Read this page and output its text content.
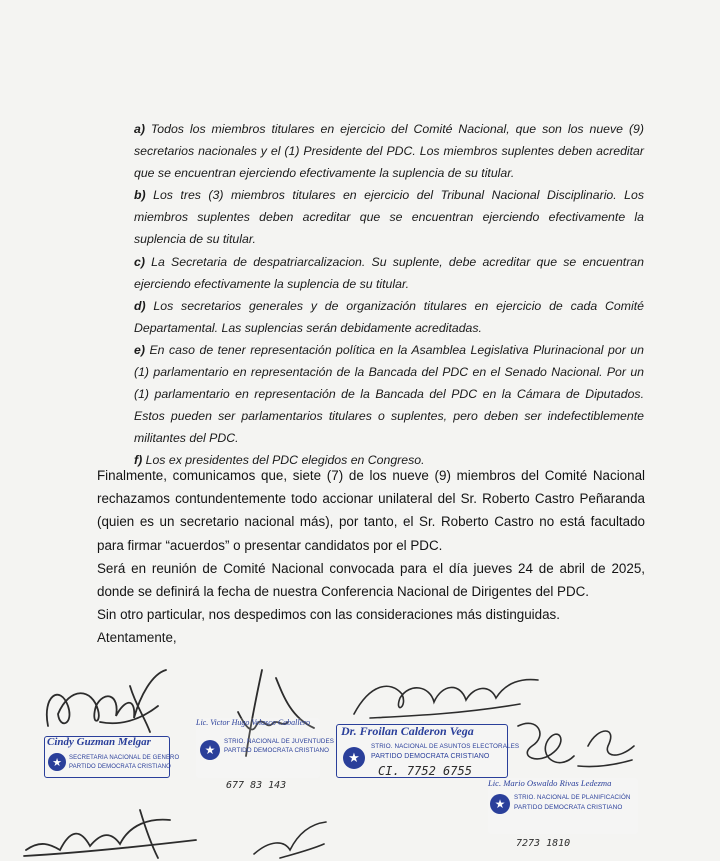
a) Todos los miembros titulares en ejercicio del Comité Nacional, que son los nueve (9) secretarios nacionales y el (1) Presidente del PDC. Los miembros suplentes deben acreditar que se encuentran ejerciendo efectivamente la suplencia de su titular.
b) Los tres (3) miembros titulares en ejercicio del Tribunal Nacional Disciplinario. Los miembros suplentes deben acreditar que se encuentran ejerciendo efectivamente la suplencia de su titular.
c) La Secretaria de despatriarcalizacion. Su suplente, debe acreditar que se encuentran ejerciendo efectivamente la suplencia de su titular.
d) Los secretarios generales y de organización titulares en ejercicio de cada Comité Departamental. Las suplencias serán debidamente acreditadas.
e) En caso de tener representación política en la Asamblea Legislativa Plurinacional por un (1) parlamentario en representación de la Bancada del PDC en el Senado Nacional. Por un (1) parlamentario en representación de la Bancada del PDC en la Cámara de Diputados. Estos pueden ser parlamentarios titulares o suplentes, pero deben ser indefectiblemente militantes del PDC.
f) Los ex presidentes del PDC elegidos en Congreso.
Finalmente, comunicamos que, siete (7) de los nueve (9) miembros del Comité Nacional rechazamos contundentemente todo accionar unilateral del Sr. Roberto Castro Peñaranda (quien es un secretario nacional más), por tanto, el Sr. Roberto Castro no está facultado para firmar “acuerdos” o presentar candidatos por el PDC.
Será en reunión de Comité Nacional convocada para el día jueves 24 de abril de 2025, donde se definirá la fecha de nuestra Conferencia Nacional de Dirigentes del PDC.
Sin otro particular, nos despedimos con las consideraciones más distinguidas.
Atentamente,
Cindy Guzman Melgar
★	SECRETARIA NACIONAL DE GENERO
PARTIDO DEMOCRATA CRISTIANO
Lic. Victor Hugo Velasco Caballero
★
STRIO. NACIONAL DE JUVENTUDES
PARTIDO DEMOCRATA CRISTIANO
677 83 143
Dr. Froilan Calderon Vega
★
STRIO. NACIONAL DE ASUNTOS ELECTORALES
PARTIDO DEMOCRATA CRISTIANO
CI. 7752 6755
Lic. Mario Oswaldo Rivas Ledezma
★	STRIO. NACIONAL DE PLANIFICACIÓN
PARTIDO DEMOCRATA CRISTIANO
7273 1810
